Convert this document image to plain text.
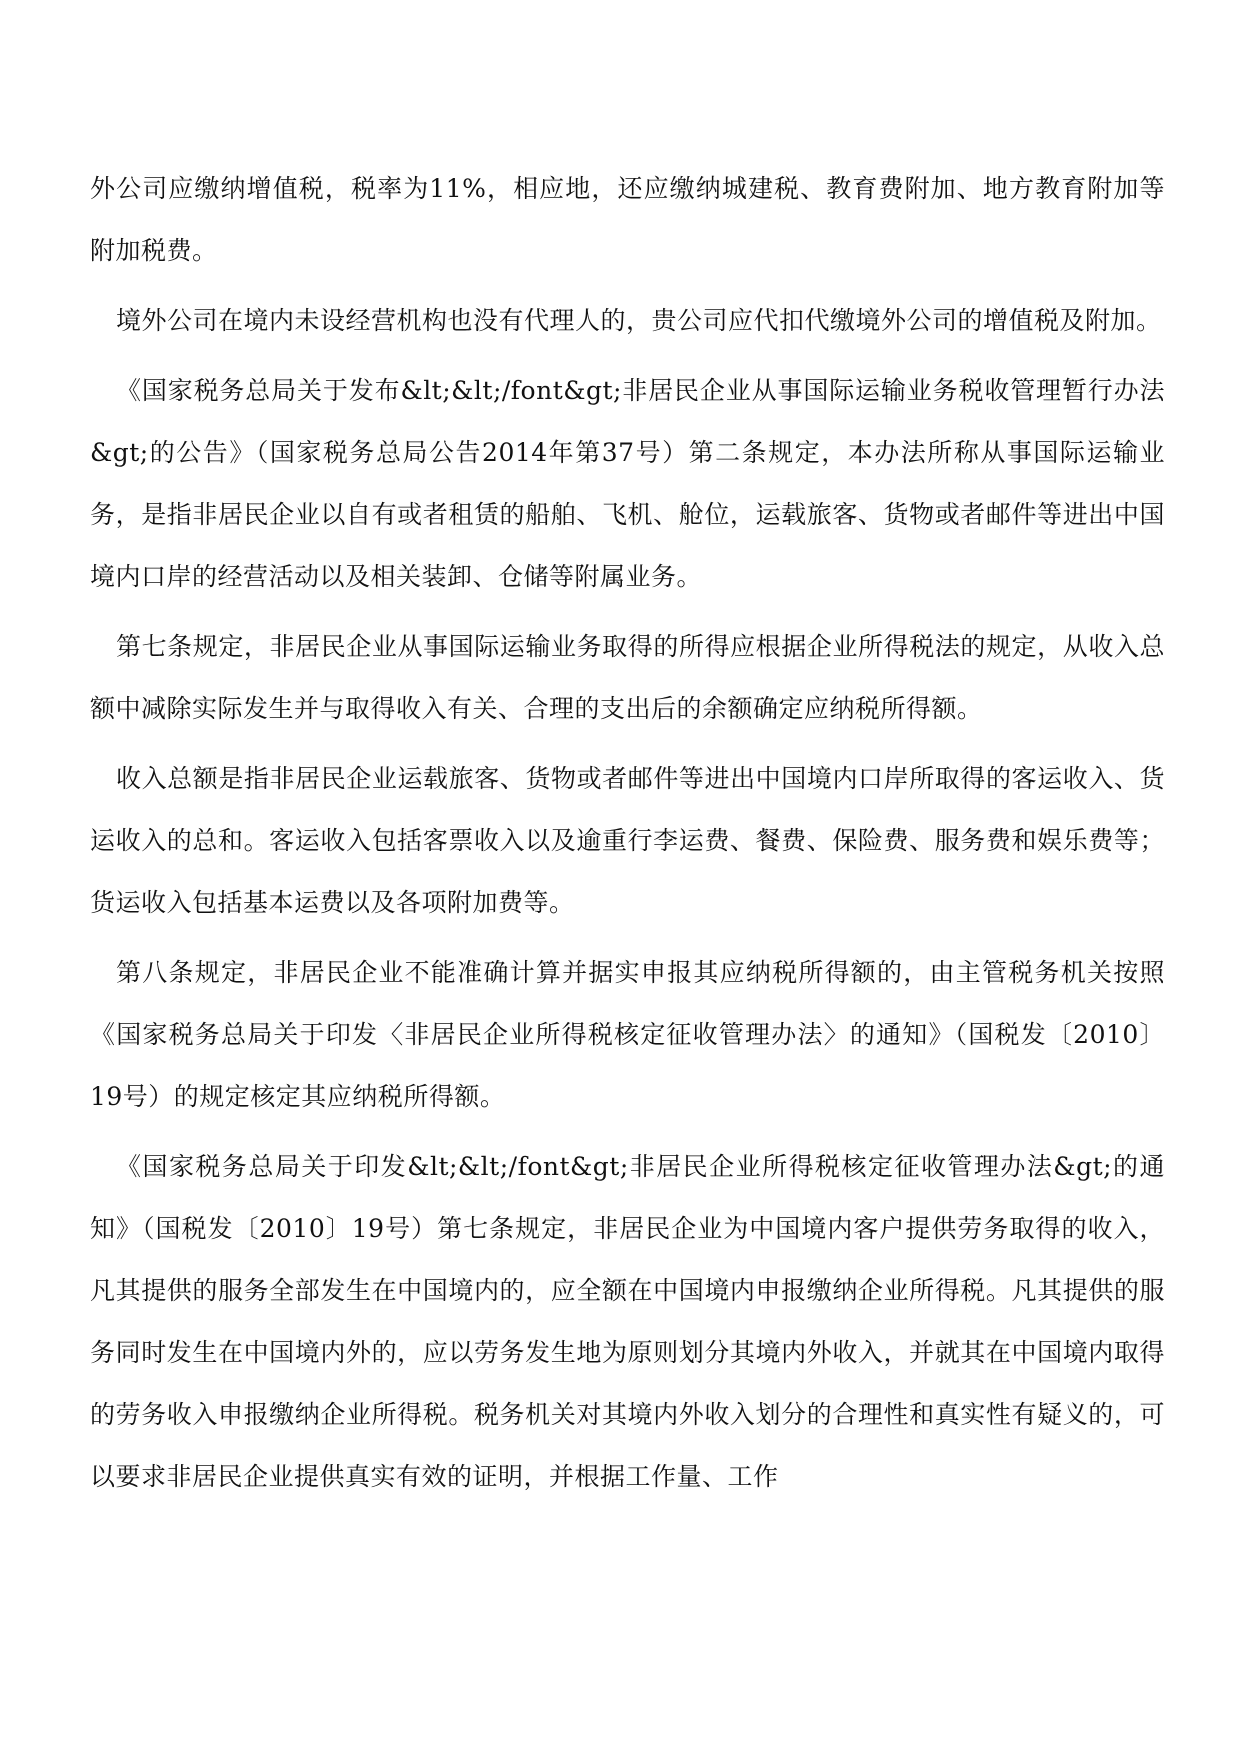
外公司应缴纳增值税，税率为11%，相应地，还应缴纳城建税、教育费附加、地方教育附加等附加税费。

境外公司在境内未设经营机构也没有代理人的，贵公司应代扣代缴境外公司的增值税及附加。

《国家税务总局关于发布&lt;&lt;/font&gt;非居民企业从事国际运输业务税收管理暂行办法&gt;的公告》（国家税务总局公告2014年第37号）第二条规定，本办法所称从事国际运输业务，是指非居民企业以自有或者租赁的船舶、飞机、舱位，运载旅客、货物或者邮件等进出中国境内口岸的经营活动以及相关装卸、仓储等附属业务。

第七条规定，非居民企业从事国际运输业务取得的所得应根据企业所得税法的规定，从收入总额中减除实际发生并与取得收入有关、合理的支出后的余额确定应纳税所得额。

收入总额是指非居民企业运载旅客、货物或者邮件等进出中国境内口岸所取得的客运收入、货运收入的总和。客运收入包括客票收入以及逾重行李运费、餐费、保险费、服务费和娱乐费等；货运收入包括基本运费以及各项附加费等。

第八条规定，非居民企业不能准确计算并据实申报其应纳税所得额的，由主管税务机关按照《国家税务总局关于印发〈非居民企业所得税核定征收管理办法〉的通知》（国税发〔2010〕19号）的规定核定其应纳税所得额。

《国家税务总局关于印发&lt;&lt;/font&gt;非居民企业所得税核定征收管理办法&gt;的通知》（国税发〔2010〕19号）第七条规定，非居民企业为中国境内客户提供劳务取得的收入，凡其提供的服务全部发生在中国境内的，应全额在中国境内申报缴纳企业所得税。凡其提供的服务同时发生在中国境内外的，应以劳务发生地为原则划分其境内外收入，并就其在中国境内取得的劳务收入申报缴纳企业所得税。税务机关对其境内外收入划分的合理性和真实性有疑义的，可以要求非居民企业提供真实有效的证明，并根据工作量、工作
